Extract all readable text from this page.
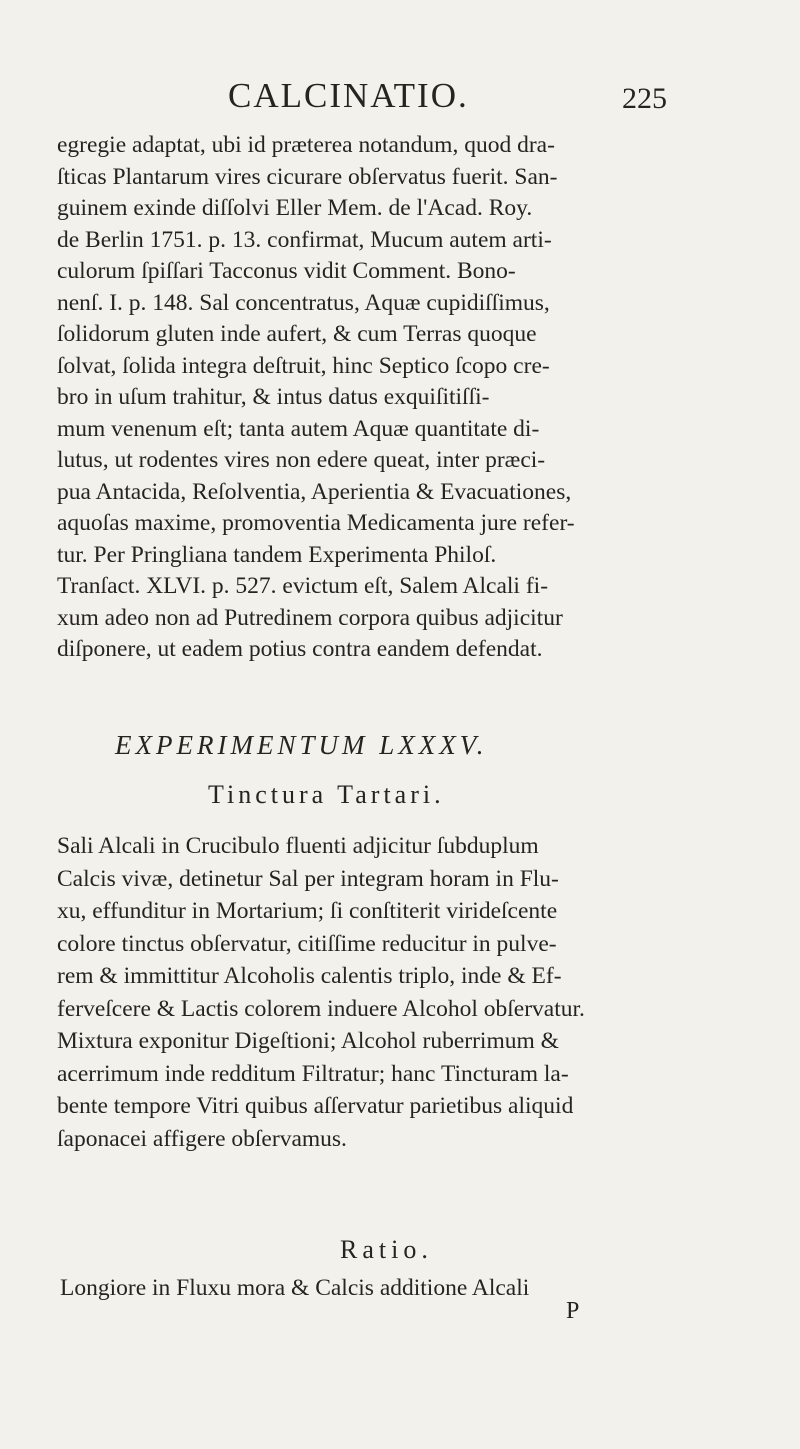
CALCINATIO.	225
egregie adaptat, ubi id præterea notandum, quod dra-
ſticas Plantarum vires cicurare obſervatus fuerit. San-
guinem exinde diſſolvi Eller Mem. de l'Acad. Roy.
de Berlin 1751. p. 13. confirmat, Mucum autem arti-
culorum ſpiſſari Tacconus vidit Comment. Bono-
nenſ. I. p. 148. Sal concentratus, Aquæ cupidiſſimus,
ſolidorum gluten inde aufert, & cum Terras quoque
ſolvat, ſolida integra deſtruit, hinc Septico ſcopo cre-
bro in uſum trahitur, & intus datus exquiſitiſſi-
mum venenum eſt; tanta autem Aquæ quantitate di-
lutus, ut rodentes vires non edere queat, inter præci-
pua Antacida, Reſolventia, Aperientia & Evacuationes,
aquoſas maxime, promoventia Medicamenta jure refer-
tur. Per Pringliana tandem Experimenta Philoſ.
Tranſact. XLVI. p. 527. evictum eſt, Salem Alcali fi-
xum adeo non ad Putredinem corpora quibus adjicitur
diſponere, ut eadem potius contra eandem defendat.
EXPERIMENTUM LXXXV.
Tinctura Tartari.
Sali Alcali in Crucibulo fluenti adjicitur ſubduplum
Calcis vivæ, detinetur Sal per integram horam in Flu-
xu, effunditur in Mortarium; ſi conſtiterit virideſcente
colore tinctus obſervatur, citiſſime reducitur in pulve-
rem & immittitur Alcoholis calentis triplo, inde & Ef-
ferveſcere & Lactis colorem induere Alcohol obſervatur.
Mixtura exponitur Digeſtioni; Alcohol ruberrimum &
acerrimum inde redditum Filtratur; hanc Tincturam la-
bente tempore Vitri quibus aſſervatur parietibus aliquid
ſaponacei affigere obſervamus.
Ratio.
Longiore in Fluxu mora & Calcis additione Alcali
P
